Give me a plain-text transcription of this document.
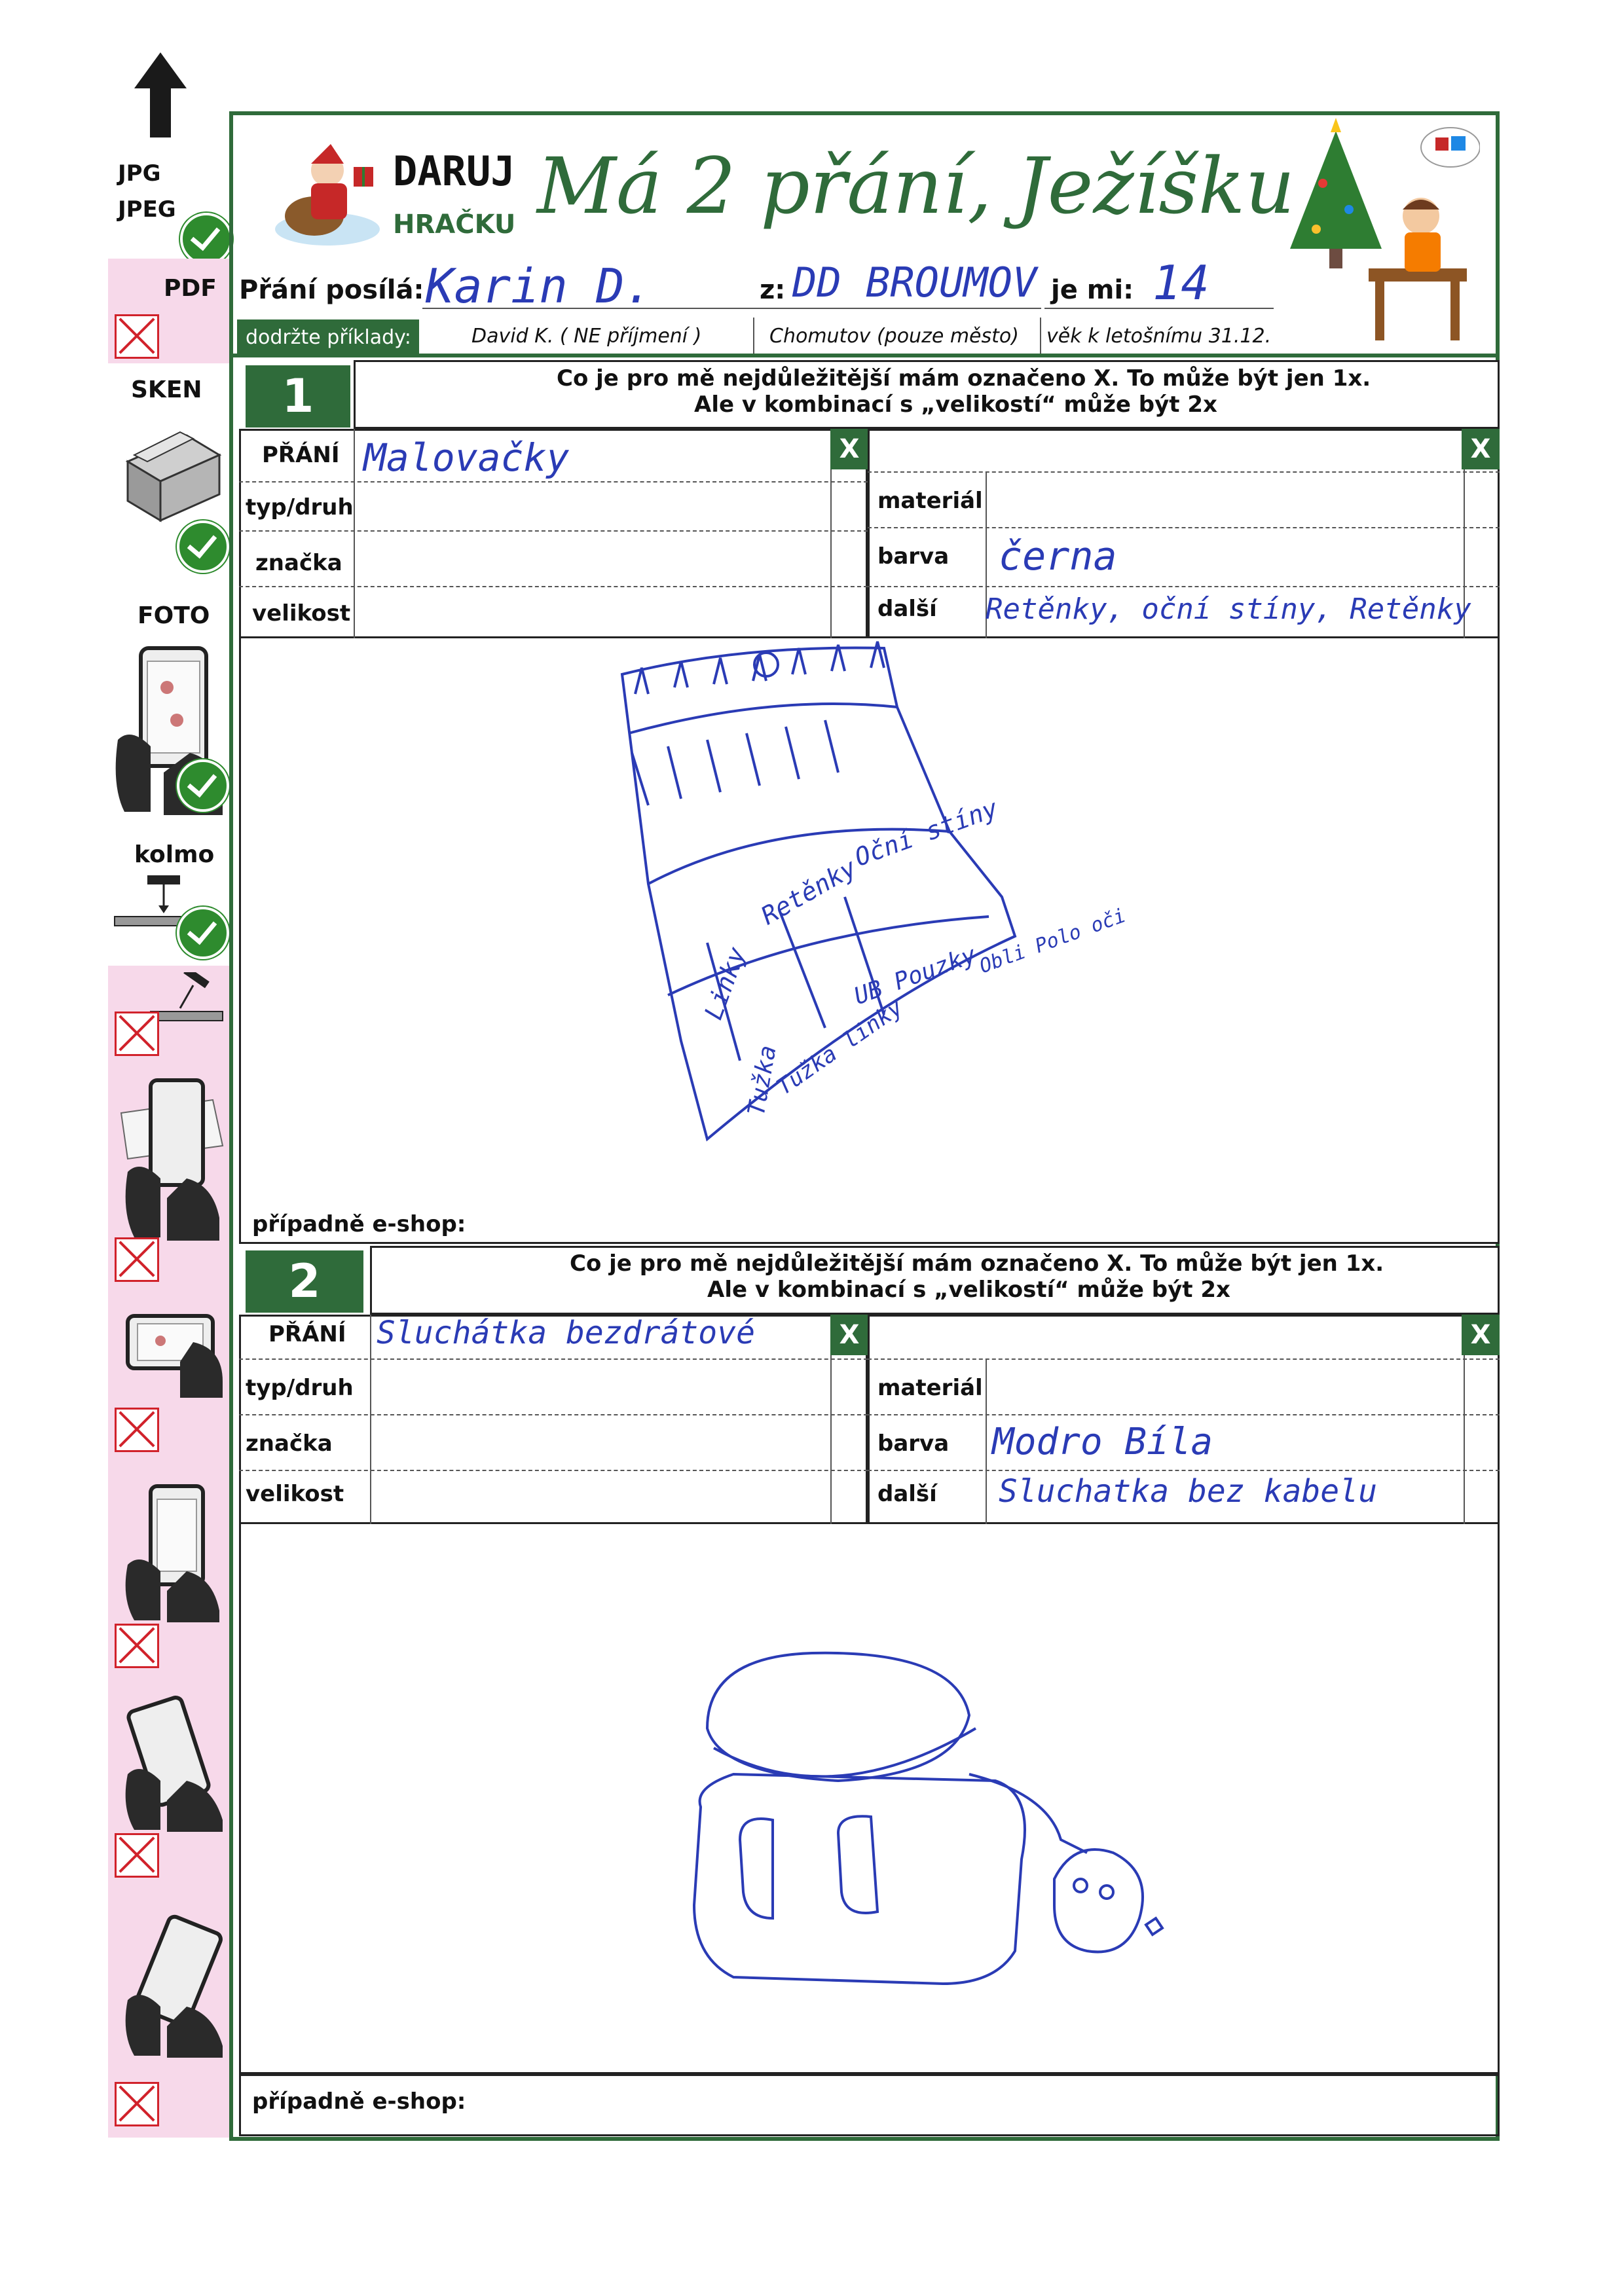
JPG
JPEG
PDF
SKEN
FOTO
kolmo
DARUJ
HRAČKU Má 2 přání, Ježíšku
Přání posílá: Karin D.	z: DD BROUMOV je mi: 14
dodržte příklady:	David K. ( NE příjmení )	Chomutov (pouze město) věk k letošnímu 31.12.
1	Co je pro mě nejdůležitější mám označeno X. To může být jen 1x.
Ale v kombinací s „velikostí“ může být 2x
PŘÁNÍ Malovačky
typ/druh
značka
velikost
X
materiál
barva černa
další Retěnky, oční stíny, Retěnky
X
Retěnky
Oční stíny
Linky	UB Pouzky
Tužka
Tužka linky
Obli Polo oči
případně e-shop:
2	Co je pro mě nejdůležitější mám označeno X. To může být jen 1x.
Ale v kombinací s „velikostí“ může být 2x
PŘÁNÍ Sluchátka bezdrátové
typ/druh
značka
velikost
X
materiál
barva Modro Bíla
další Sluchatka bez kabelu
X
případně e-shop:
